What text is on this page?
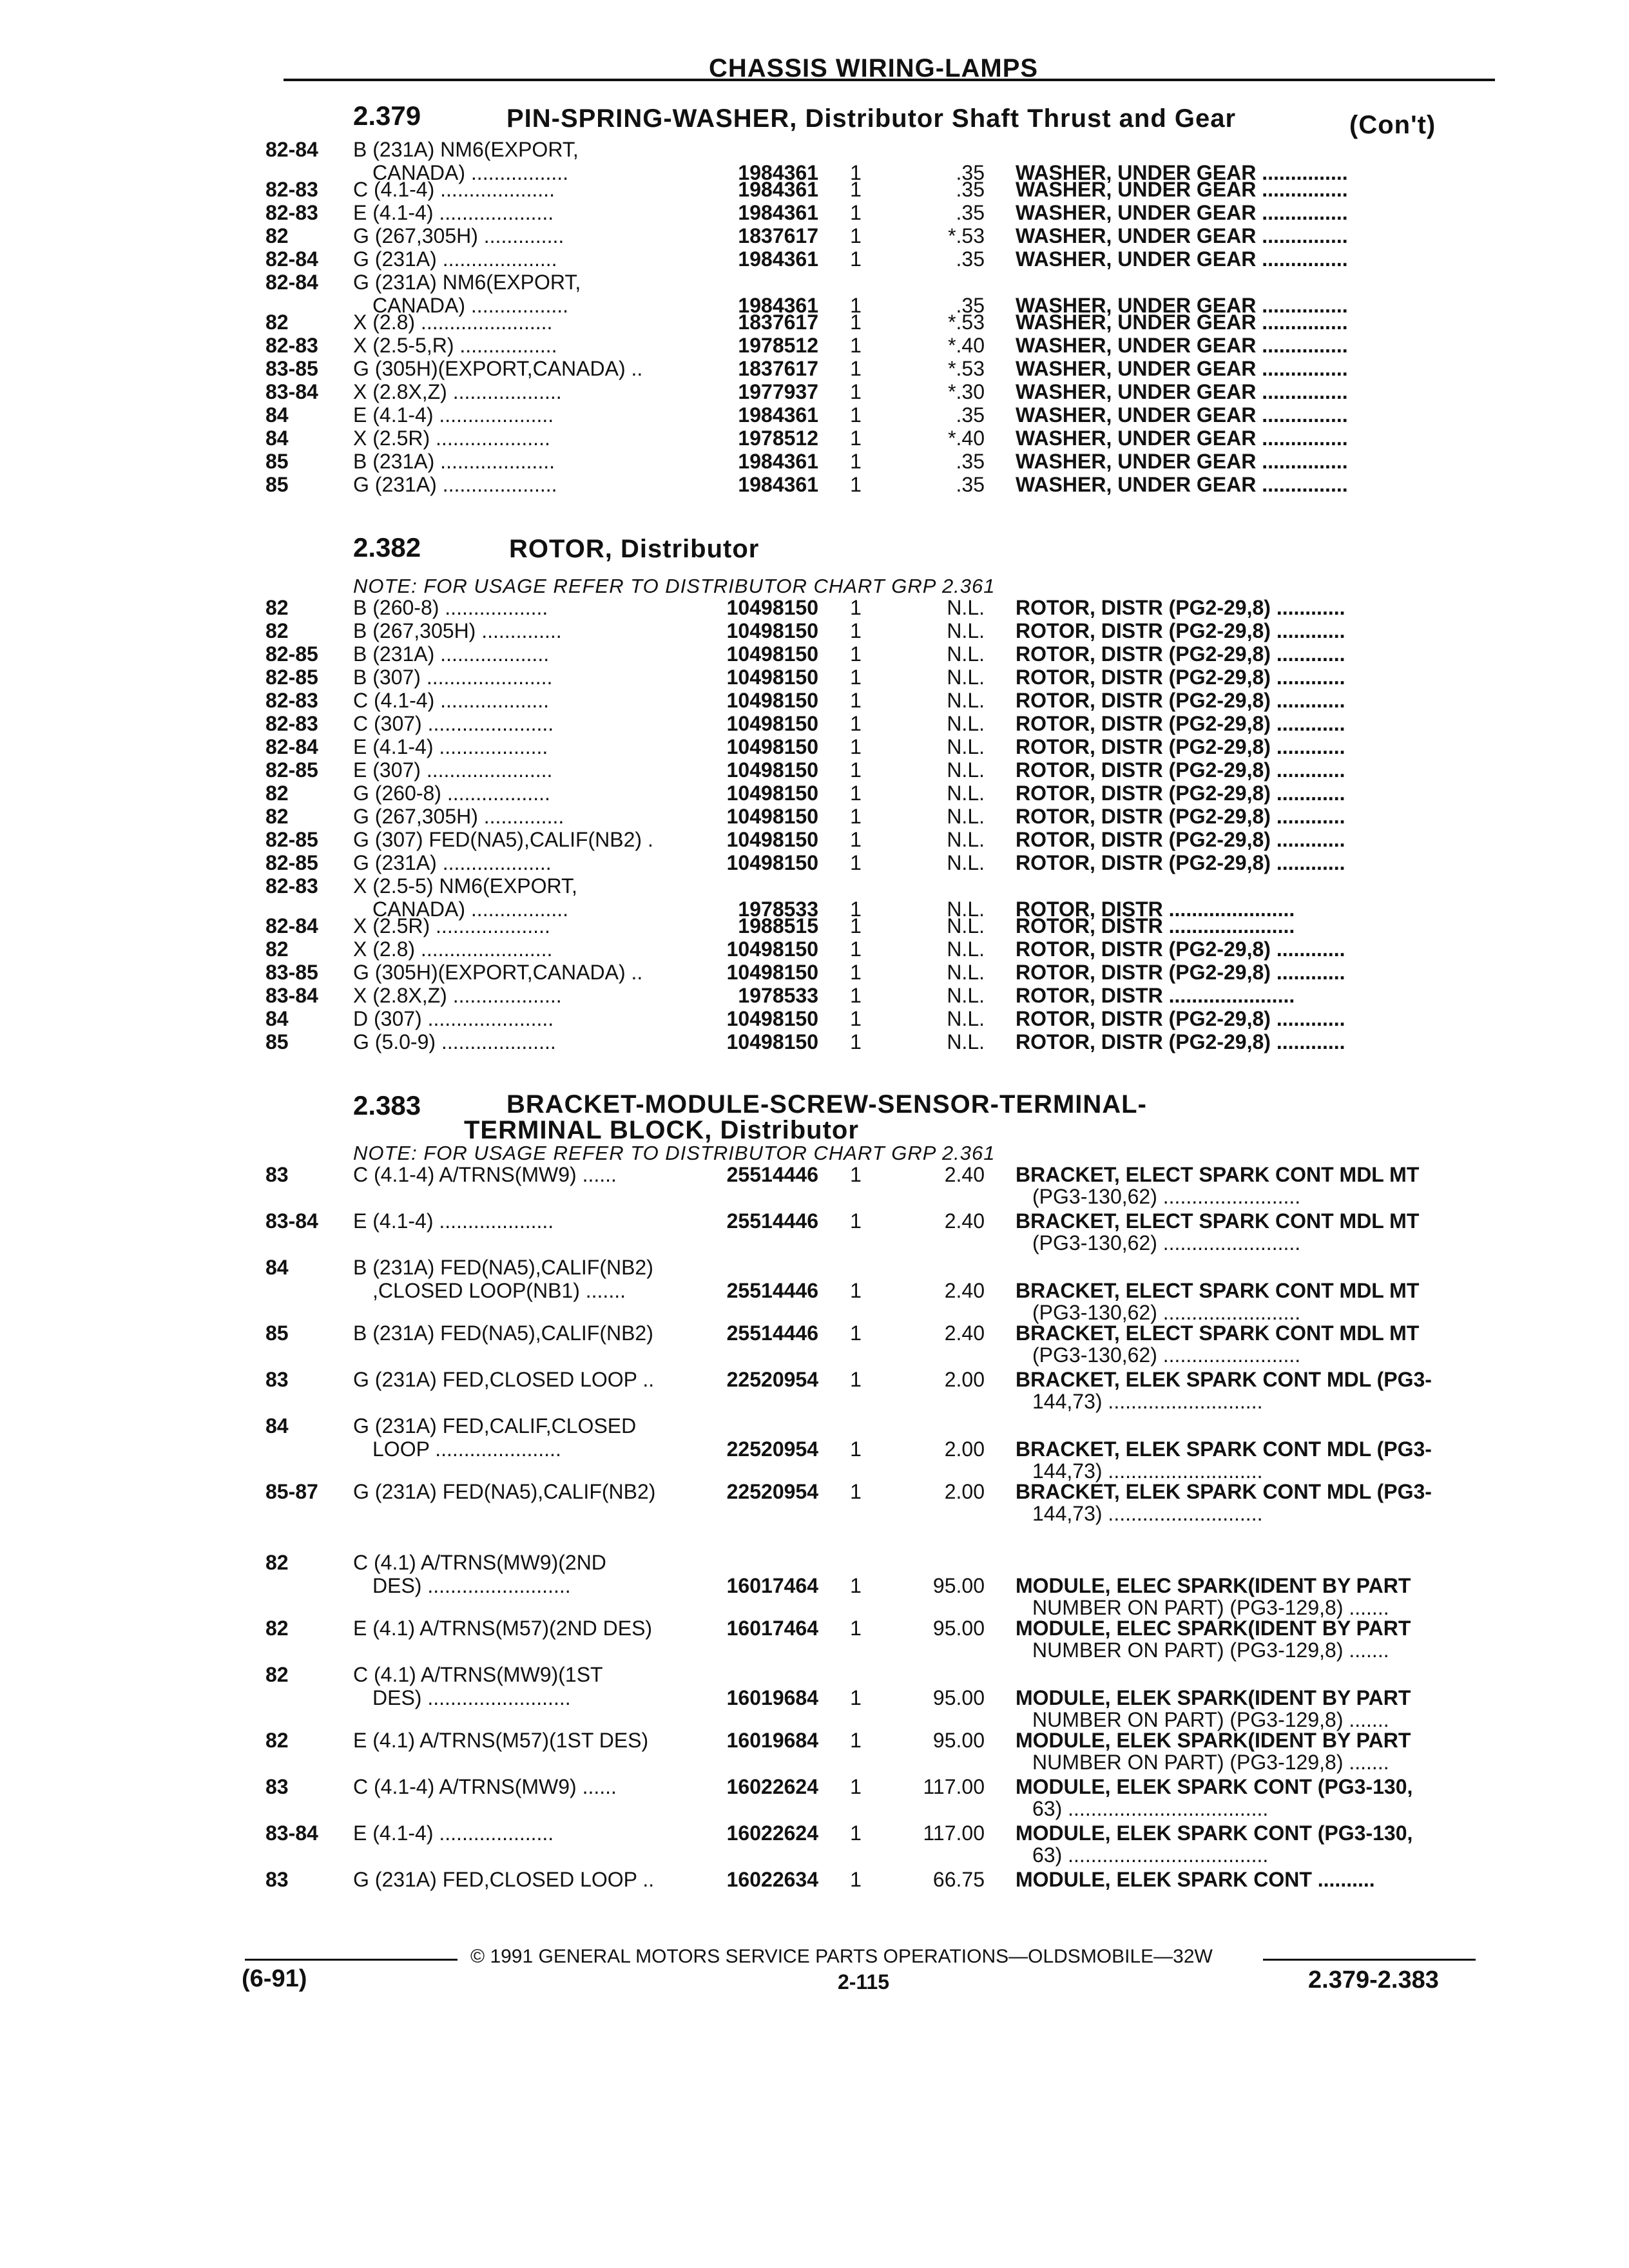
CHASSIS WIRING-LAMPS
2.379	PIN-SPRING-WASHER, Distributor Shaft Thrust and Gear	(Con't)
82-84 B (231A) NM6(EXPORT,
CANADA) .................	1984361 1	.35 WASHER, UNDER GEAR ...............
82-83 C (4.1-4) ....................	1984361 1	.35 WASHER, UNDER GEAR ...............
82-83 E (4.1-4) ....................	1984361 1	.35 WASHER, UNDER GEAR ...............
82	G (267,305H) ..............	1837617 1	*.53 WASHER, UNDER GEAR ...............
82-84 G (231A) ....................	1984361 1	.35 WASHER, UNDER GEAR ...............
82-84 G (231A) NM6(EXPORT,
CANADA) .................	1984361 1	.35 WASHER, UNDER GEAR ...............
82	X (2.8) .......................	1837617 1	*.53 WASHER, UNDER GEAR ...............
82-83 X (2.5-5,R) .................	1978512 1	*.40 WASHER, UNDER GEAR ...............
83-85 G (305H)(EXPORT,CANADA) ..	1837617 1	*.53 WASHER, UNDER GEAR ...............
83-84 X (2.8X,Z) ...................	1977937 1	*.30 WASHER, UNDER GEAR ...............
84	E (4.1-4) ....................	1984361 1	.35 WASHER, UNDER GEAR ...............
84	X (2.5R) ....................	1978512 1	*.40 WASHER, UNDER GEAR ...............
85	B (231A) ....................	1984361 1	.35 WASHER, UNDER GEAR ...............
85	G (231A) ....................	1984361 1	.35 WASHER, UNDER GEAR ...............
2.382	ROTOR, Distributor
NOTE: FOR USAGE REFER TO DISTRIBUTOR CHART GRP 2.361
82	B (260-8) ..................	10498150 1	N.L. ROTOR, DISTR (PG2-29,8) ............
82	B (267,305H) ..............	10498150 1	N.L. ROTOR, DISTR (PG2-29,8) ............
82-85 B (231A) ...................	10498150 1	N.L. ROTOR, DISTR (PG2-29,8) ............
82-85 B (307) ......................	10498150 1	N.L. ROTOR, DISTR (PG2-29,8) ............
82-83 C (4.1-4) ...................	10498150 1	N.L. ROTOR, DISTR (PG2-29,8) ............
82-83 C (307) ......................	10498150 1	N.L. ROTOR, DISTR (PG2-29,8) ............
82-84 E (4.1-4) ...................	10498150 1	N.L. ROTOR, DISTR (PG2-29,8) ............
82-85 E (307) ......................	10498150 1	N.L. ROTOR, DISTR (PG2-29,8) ............
82	G (260-8) ..................	10498150 1	N.L. ROTOR, DISTR (PG2-29,8) ............
82	G (267,305H) ..............	10498150 1	N.L. ROTOR, DISTR (PG2-29,8) ............
82-85 G (307) FED(NA5),CALIF(NB2) .	10498150 1	N.L. ROTOR, DISTR (PG2-29,8) ............
82-85 G (231A) ...................	10498150 1	N.L. ROTOR, DISTR (PG2-29,8) ............
82-83 X (2.5-5) NM6(EXPORT,
CANADA) .................	1978533 1	N.L. ROTOR, DISTR ......................
82-84 X (2.5R) ....................	1988515 1	N.L. ROTOR, DISTR ......................
82	X (2.8) .......................	10498150 1	N.L. ROTOR, DISTR (PG2-29,8) ............
83-85 G (305H)(EXPORT,CANADA) ..	10498150 1	N.L. ROTOR, DISTR (PG2-29,8) ............
83-84 X (2.8X,Z) ...................	1978533 1	N.L. ROTOR, DISTR ......................
84	D (307) ......................	10498150 1	N.L. ROTOR, DISTR (PG2-29,8) ............
85	G (5.0-9) ....................	10498150 1	N.L. ROTOR, DISTR (PG2-29,8) ............
2.383	BRACKET-MODULE-SCREW-SENSOR-TERMINAL-
TERMINAL BLOCK, Distributor
NOTE: FOR USAGE REFER TO DISTRIBUTOR CHART GRP 2.361
83	C (4.1-4) A/TRNS(MW9) ......	25514446 1	2.40 BRACKET, ELECT SPARK CONT MDL MT
(PG3-130,62) ........................
83-84 E (4.1-4) ....................	25514446 1	2.40 BRACKET, ELECT SPARK CONT MDL MT
(PG3-130,62) ........................
84	B (231A) FED(NA5),CALIF(NB2)
,CLOSED LOOP(NB1) .......	25514446 1	2.40 BRACKET, ELECT SPARK CONT MDL MT
(PG3-130,62) ........................
85	B (231A) FED(NA5),CALIF(NB2)	25514446 1	2.40 BRACKET, ELECT SPARK CONT MDL MT
(PG3-130,62) ........................
83	G (231A) FED,CLOSED LOOP ..	22520954 1	2.00 BRACKET, ELEK SPARK CONT MDL (PG3-
144,73) ...........................
84	G (231A) FED,CALIF,CLOSED
LOOP ......................	22520954 1	2.00 BRACKET, ELEK SPARK CONT MDL (PG3-
144,73) ...........................
85-87 G (231A) FED(NA5),CALIF(NB2)	22520954 1	2.00 BRACKET, ELEK SPARK CONT MDL (PG3-
144,73) ...........................
82	C (4.1) A/TRNS(MW9)(2ND
DES) .........................	16017464 1	95.00 MODULE, ELEC SPARK(IDENT BY PART
NUMBER ON PART) (PG3-129,8) .......
82	E (4.1) A/TRNS(M57)(2ND DES)	16017464 1	95.00 MODULE, ELEC SPARK(IDENT BY PART
NUMBER ON PART) (PG3-129,8) .......
82	C (4.1) A/TRNS(MW9)(1ST
DES) .........................	16019684 1	95.00 MODULE, ELEK SPARK(IDENT BY PART
NUMBER ON PART) (PG3-129,8) .......
82	E (4.1) A/TRNS(M57)(1ST DES)	16019684 1	95.00 MODULE, ELEK SPARK(IDENT BY PART
NUMBER ON PART) (PG3-129,8) .......
83	C (4.1-4) A/TRNS(MW9) ......	16022624 1	117.00 MODULE, ELEK SPARK CONT (PG3-130,
63) ...................................
83-84 E (4.1-4) ....................	16022624 1	117.00 MODULE, ELEK SPARK CONT (PG3-130,
63) ...................................
83	G (231A) FED,CLOSED LOOP ..	16022634 1	66.75 MODULE, ELEK SPARK CONT ..........
© 1991 GENERAL MOTORS SERVICE PARTS OPERATIONS—OLDSMOBILE—32W
(6-91)	2-115	2.379-2.383
